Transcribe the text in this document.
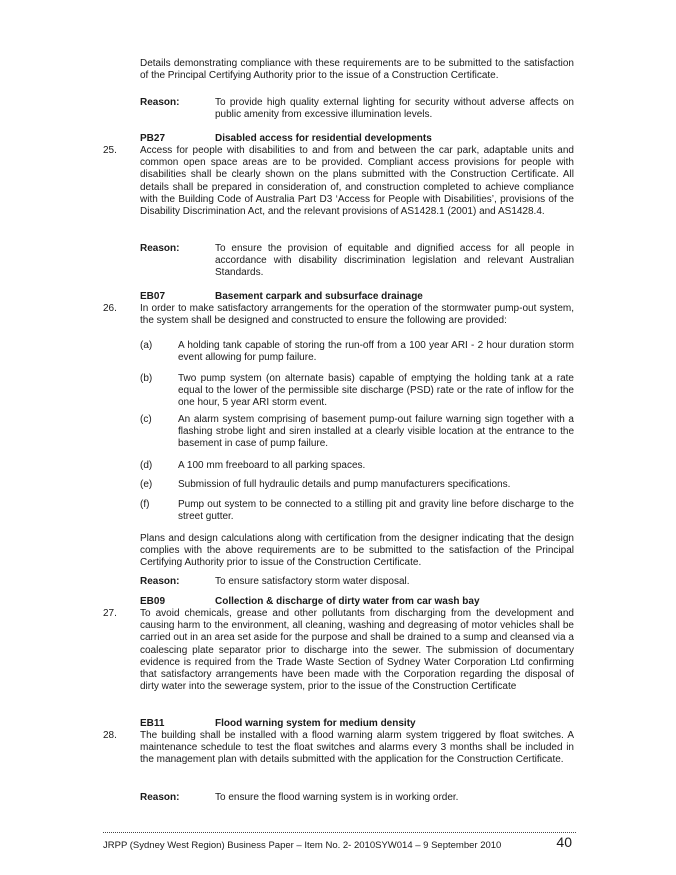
Details demonstrating compliance with these requirements are to be submitted to the satisfaction of the Principal Certifying Authority prior to the issue of a Construction Certificate.

Reason:	To provide high quality external lighting for security without adverse affects on public amenity from excessive illumination levels.
PB27	Disabled access for residential developments
25. Access for people with disabilities to and from and between the car park, adaptable units and common open space areas are to be provided. Compliant access provisions for people with disabilities shall be clearly shown on the plans submitted with the Construction Certificate. All details shall be prepared in consideration of, and construction completed to achieve compliance with the Building Code of Australia Part D3 ‘Access for People with Disabilities’, provisions of the Disability Discrimination Act, and the relevant provisions of AS1428.1 (2001) and AS1428.4.

Reason:	To ensure the provision of equitable and dignified access for all people in accordance with disability discrimination legislation and relevant Australian Standards.
EB07	Basement carpark and subsurface drainage
26. In order to make satisfactory arrangements for the operation of the stormwater pump-out system, the system shall be designed and constructed to ensure the following are provided:

(a)	A holding tank capable of storing the run-off from a 100 year ARI - 2 hour duration storm event allowing for pump failure.
(b)	Two pump system (on alternate basis) capable of emptying the holding tank at a rate equal to the lower of the permissible site discharge (PSD) rate or the rate of inflow for the one hour, 5 year ARI storm event.
(c)	An alarm system comprising of basement pump-out failure warning sign together with a flashing strobe light and siren installed at a clearly visible location at the entrance to the basement in case of pump failure.
(d)	A 100 mm freeboard to all parking spaces.
(e)	Submission of full hydraulic details and pump manufacturers specifications.
(f)	Pump out system to be connected to a stilling pit and gravity line before discharge to the street gutter.

Plans and design calculations along with certification from the designer indicating that the design complies with the above requirements are to be submitted to the satisfaction of the Principal Certifying Authority prior to issue of the Construction Certificate.

Reason:	To ensure satisfactory storm water disposal.
EB09	Collection & discharge of dirty water from car wash bay
27. To avoid chemicals, grease and other pollutants from discharging from the development and causing harm to the environment, all cleaning, washing and degreasing of motor vehicles shall be carried out in an area set aside for the purpose and shall be drained to a sump and cleansed via a coalescing plate separator prior to discharge into the sewer. The submission of documentary evidence is required from the Trade Waste Section of Sydney Water Corporation Ltd confirming that satisfactory arrangements have been made with the Corporation regarding the disposal of dirty water into the sewerage system, prior to the issue of the Construction Certificate

EB11	Flood warning system for medium density
28. The building shall be installed with a flood warning alarm system triggered by float switches. A maintenance schedule to test the float switches and alarms every 3 months shall be included in the management plan with details submitted with the application for the Construction Certificate.

Reason:	To ensure the flood warning system is in working order.
JRPP (Sydney West Region) Business Paper – Item No. 2- 2010SYW014 – 9 September 2010	40
